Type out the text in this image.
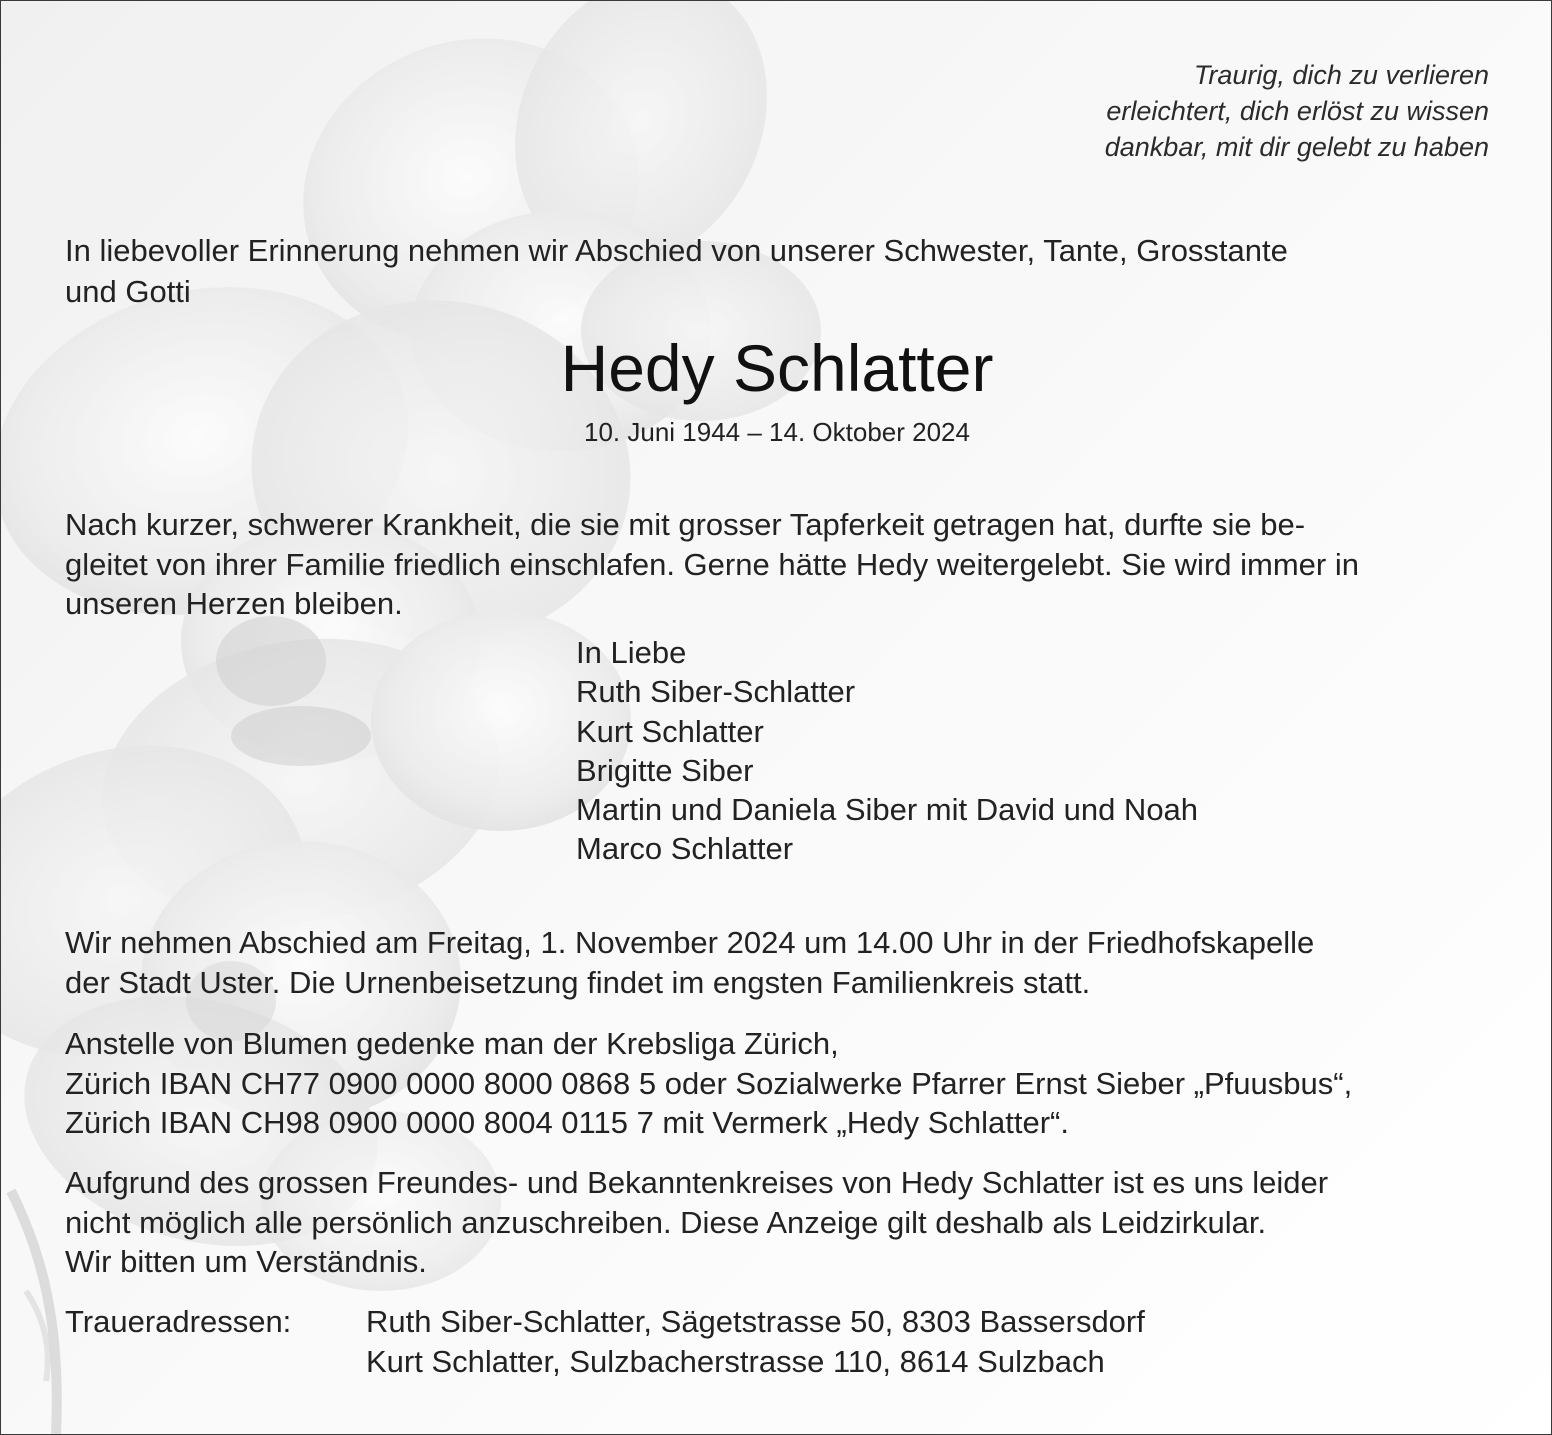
Traurig, dich zu verlieren
erleichtert, dich erlöst zu wissen
dankbar, mit dir gelebt zu haben
In liebevoller Erinnerung nehmen wir Abschied von unserer Schwester, Tante, Grosstante
und Gotti
Hedy Schlatter
10. Juni 1944 – 14. Oktober 2024
Nach kurzer, schwerer Krankheit, die sie mit grosser Tapferkeit getragen hat, durfte sie be-
gleitet von ihrer Familie friedlich einschlafen. Gerne hätte Hedy weitergelebt. Sie wird immer in
unseren Herzen bleiben.
In Liebe
Ruth Siber-Schlatter
Kurt Schlatter
Brigitte Siber
Martin und Daniela Siber mit David und Noah
Marco Schlatter
Wir nehmen Abschied am Freitag, 1. November 2024 um 14.00 Uhr in der Friedhofskapelle
der Stadt Uster. Die Urnenbeisetzung findet im engsten Familienkreis statt.
Anstelle von Blumen gedenke man der Krebsliga Zürich,
Zürich IBAN CH77 0900 0000 8000 0868 5 oder Sozialwerke Pfarrer Ernst Sieber „Pfuusbus“,
Zürich IBAN CH98 0900 0000 8004 0115 7 mit Vermerk „Hedy Schlatter“.
Aufgrund des grossen Freundes- und Bekanntenkreises von Hedy Schlatter ist es uns leider
nicht möglich alle persönlich anzuschreiben. Diese Anzeige gilt deshalb als Leidzirkular.
Wir bitten um Verständnis.
Traueradressen: Ruth Siber-Schlatter, Sägetstrasse 50, 8303 Bassersdorf
Kurt Schlatter, Sulzbacherstrasse 110, 8614 Sulzbach
